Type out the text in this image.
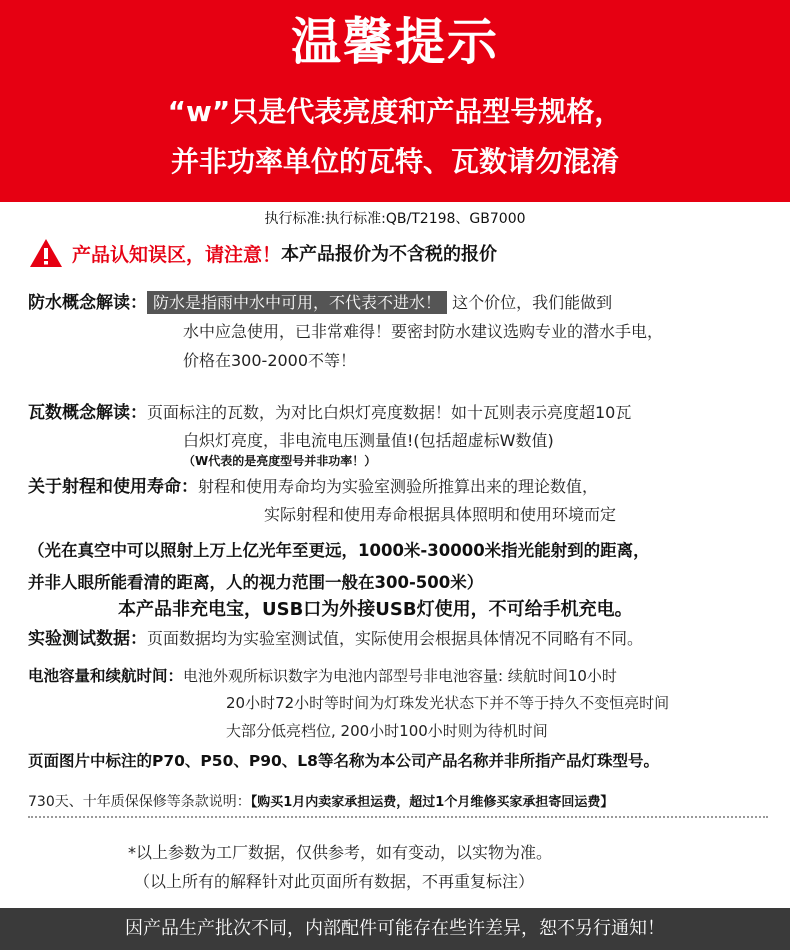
温馨提示
“w”只是代表亮度和产品型号规格，
并非功率单位的瓦特、瓦数请勿混淆
执行标准:执行标准:QB/T2198、GB7000
产品认知误区，请注意！ 本产品报价为不含税的报价
防水概念解读： 防水是指雨中水中可用，不代表不进水！ 这个价位，我们能做到
水中应急使用，已非常难得！要密封防水建议选购专业的潜水手电，
价格在300-2000不等！
瓦数概念解读：页面标注的瓦数，为对比白炽灯亮度数据！如十瓦则表示亮度超10瓦
白炽灯亮度，非电流电压测量值!(包括超虚标W数值)
（W代表的是亮度型号并非功率！）
关于射程和使用寿命：射程和使用寿命均为实验室测验所推算出来的理论数值，
实际射程和使用寿命根据具体照明和使用环境而定
（光在真空中可以照射上万上亿光年至更远，1000米-30000米指光能射到的距离，
并非人眼所能看清的距离，人的视力范围一般在300-500米）
本产品非充电宝，USB口为外接USB灯使用，不可给手机充电。
实验测试数据：页面数据均为实验室测试值，实际使用会根据具体情况不同略有不同。
电池容量和续航时间：电池外观所标识数字为电池内部型号非电池容量: 续航时间10小时
20小时72小时等时间为灯珠发光状态下并不等于持久不变恒亮时间
大部分低亮档位, 200小时100小时则为待机时间
页面图片中标注的P70、P50、P90、L8等名称为本公司产品名称并非所指产品灯珠型号。
730天、十年质保保修等条款说明：【购买1月内卖家承担运费，超过1个月维修买家承担寄回运费】
*以上参数为工厂数据，仅供参考，如有变动，以实物为准。
（以上所有的解释针对此页面所有数据，不再重复标注）
因产品生产批次不同，内部配件可能存在些许差异，恕不另行通知！
